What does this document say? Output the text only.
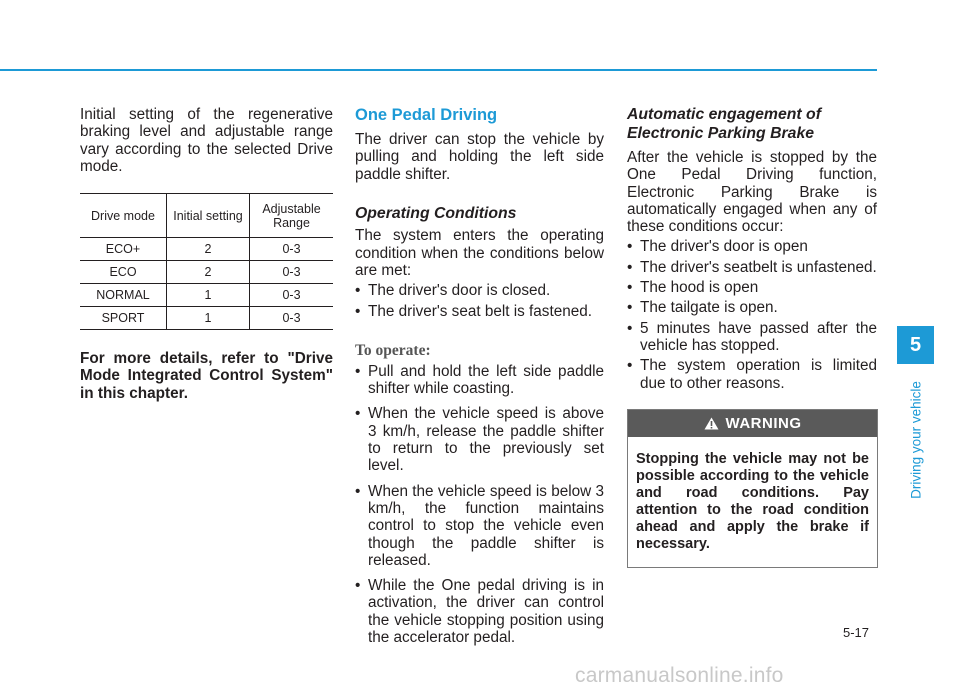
Initial setting of the regenerative braking level and adjustable range vary according to the selected Drive mode.

Drive mode	Initial setting	Adjustable Range
ECO+	2	0-3
ECO	2	0-3
NORMAL	1	0-3
SPORT	1	0-3

For more details, refer to "Drive Mode Integrated Control System" in this chapter.

One Pedal Driving

The driver can stop the vehicle by pulling and holding the left side paddle shifter.

Operating Conditions

The system enters the operating condition when the conditions below are met:

• The driver's door is closed.
• The driver's seat belt is fastened.
To operate:
• Pull and hold the left side paddle shifter while coasting.
• When the vehicle speed is above 3 km/h, release the paddle shifter to return to the previously set level.
• When the vehicle speed is below 3 km/h, the function maintains control to stop the vehicle even though the paddle shifter is released.
• While the One pedal driving is in activation, the driver can control the vehicle stopping position using the accelerator pedal.
Automatic engagement of Electronic Parking Brake

After the vehicle is stopped by the One Pedal Driving function, Electronic Parking Brake is automatically engaged when any of these conditions occur:

• The driver's door is open
• The driver's seatbelt is unfastened.
• The hood is open
• The tailgate is open.
• 5 minutes have passed after the vehicle has stopped.
• The system operation is limited due to other reasons.
WARNING
Stopping the vehicle may not be possible according to the vehicle and road conditions. Pay attention to the road condition ahead and apply the brake if necessary.
5
Driving your vehicle
5-17
carmanualsonline.info
